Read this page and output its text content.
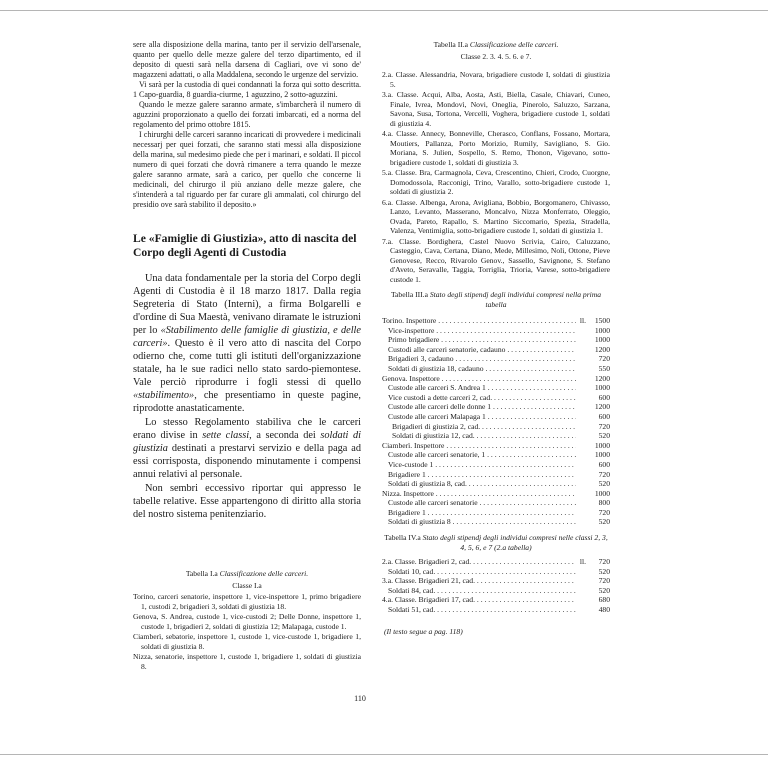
sere alla disposizione della marina, tanto per il servizio dell'arsenale, quanto per quello delle mezze galere del terzo dipartimento, ed il deposito di questi sarà nella darsena di Cagliari, ove vi sono de' magazzeni adattati, o alla Maddalena, secondo le urgenze del servizio.

Vi sarà per la custodia di quei condannati la forza qui sotto descritta. 1 Capo-guardia, 8 guardia-ciurme, 1 aguzzino, 2 sotto-aguzzini.

Quando le mezze galere saranno armate, s'imbarcherà il numero di aguzzini proporzionato a quello dei forzati imbarcati, ed a norma del regolamento del primo ottobre 1815.

I chirurghi delle carceri saranno incaricati di provvedere i medicinali necessarj per quei forzati, che saranno stati messi alla disposizione della marina, sul medesimo piede che per i marinari, e soldati. Il piccol numero di quei forzati che dovrà rimanere a terra quando le mezze galere saranno armate, sarà a carico, per quello che concerne li medicinali, del chirurgo il più anziano delle mezze galere, che s'intenderà a tal riguardo per far curare gli ammalati, col chirurgo del presidio ove sarà stabilito il deposito.»

Le «Famiglie di Giustizia», atto di nascita del Corpo degli Agenti di Custodia

Una data fondamentale per la storia del Corpo degli Agenti di Custodia è il 18 marzo 1817. Dalla regia Segreteria di Stato (Interni), a firma Bolgarelli e d'ordine di Sua Maestà, venivano diramate le istruzioni per lo «Stabilimento delle famiglie di giustizia, e delle carceri». Questo è il vero atto di nascita del Corpo odierno che, come tutti gli istituti dell'organizzazione statale, ha le sue radici nello stato sardo-piemontese. Vale perciò riprodurre i fogli stessi di quello «stabilimento», che presentiamo in queste pagine, riprodotte anastaticamente.

Lo stesso Regolamento stabiliva che le carceri erano divise in sette classi, a seconda dei soldati di giustizia destinati a prestarvi servizio e della paga ad essi corrisposta, disponendo minutamente i compensi annui relativi al personale.

Non sembri eccessivo riportar qui appresso le tabelle relative. Esse appartengono di diritto alla storia del nostro sistema penitenziario.

Tabella I.a Classificazione delle carceri.

Classe I.a

Torino, carceri senatorie, inspettore 1, vice-inspettore 1, primo brigadiere 1, custodi 2, brigadieri 3, soldati di giustizia 18.

Genova, S. Andrea, custode 1, vice-custodi 2; Delle Donne, inspettore 1, custode 1, brigadieri 2, soldati di giustizia 12; Malapaga, custode 1.

Ciamberì, sebatorie, inspettore 1, custode 1, vice-custode 1, brigadiere 1, soldati di giustizia 8.

Nizza, senatorie, inspettore 1, custode 1, brigadiere 1, soldati di giustizia 8.

Tabella II.a Classificazione delle carceri.

Classe 2. 3. 4. 5. 6. e 7.

2.a. Classe. Alessandria, Novara, brigadiere custode I, soldati di giustizia 5.

3.a. Classe. Acqui, Alba, Aosta, Asti, Biella, Casale, Chiavari, Cuneo, Finale, Ivrea, Mondovì, Novi, Oneglia, Pinerolo, Saluzzo, Sarzana, Savona, Susa, Tortona, Vercelli, Voghera, brigadiere custode 1, soldati di giustizia 4.

4.a. Classe. Annecy, Bonneville, Cherasco, Conflans, Fossano, Mortara, Moutiers, Pallanza, Porto Morizio, Rumily, Savigliano, S. Gio. Moriana, S. Julien, Sospello, S. Remo, Thonon, Vigevano, sotto-brigadiere custode 1, soldati di giustizia 3.

5.a. Classe. Bra, Carmagnola, Ceva, Crescentino, Chieri, Crodo, Cuorgne, Domodossola, Racconigi, Trino, Varallo, sotto-brigadiere custode 1, soldati di giustizia 2.

6.a. Classe. Albenga, Arona, Avigliana, Bobbio, Borgomanero, Chivasso, Lanzo, Levanto, Masserano, Moncalvo, Nizza Monferrato, Oleggio, Ovada, Pareto, Rapallo, S. Martino Siccomario, Spezia, Stradella, Valenza, Ventimiglia, sotto-brigadiere custode 1, soldati di giustizia 1.

7.a. Classe. Bordighera, Castel Nuovo Scrivia, Cairo, Caluzzano, Casteggio, Cava, Certana, Diano, Mede, Millesimo, Noli, Ottone, Pieve Genovese, Recco, Rivarolo Genov., Sassello, Savignone, S. Stefano d'Aveto, Seravalle, Taggia, Torriglia, Trioria, Varese, sotto-brigadiere custode 1.

Tabella III.a Stato degli stipendj degli individui compresi nella prima tabella

Torino. Inspettore . . .	ll.	1500
Vice-inspettore . . .	1000
Primo brigadiere . . .	1000
Custodi alle carceri senatorie, cadauno . . .	1200
Brigadieri 3, cadauno . . .	720
Soldati di giustizia 18, cadauno . . .	550
Genova. Inspettore . . .	1200
Custode alle carceri S. Andrea 1 . . .	1000
Vice custodi a dette carceri 2, cad. . . .	600
Custode alle carceri delle donne 1 . . .	1200
Custode alle carceri Malapaga 1 . . .	600
Brigadieri di giustizia 2, cad. . . .	720
Soldati di giustizia 12, cad. . . .	520
Ciamberì. Inspettore . . .	1000
Custode alle carceri senatorie, 1 . . .	1000
Vice-custode 1 . . .	600
Brigadiere 1 . . .	720
Soldati di giustizia 8, cad. . . .	520
Nizza. Inspettore . . .	1000
Custode alle carceri senatorie . . .	800
Brigadiere 1 . . .	720
Soldati di giustizia 8 . . .	520

Tabella IV.a Stato degli stipendj degli individui compresi nelle classi 2, 3, 4, 5, 6, e 7 (2.a tabella)

2.a. Classe. Brigadieri 2, cad. . . .	ll.	720
Soldati 10, cad. . . .	520
3.a. Classe. Brigadieri 21, cad. . . .	720
Soldati 84, cad. . . .	520
4.a. Classe. Brigadieri 17, cad. . . .	680
Soldati 51, cad. . . .	480

(Il testo segue a pag. 118)

110
